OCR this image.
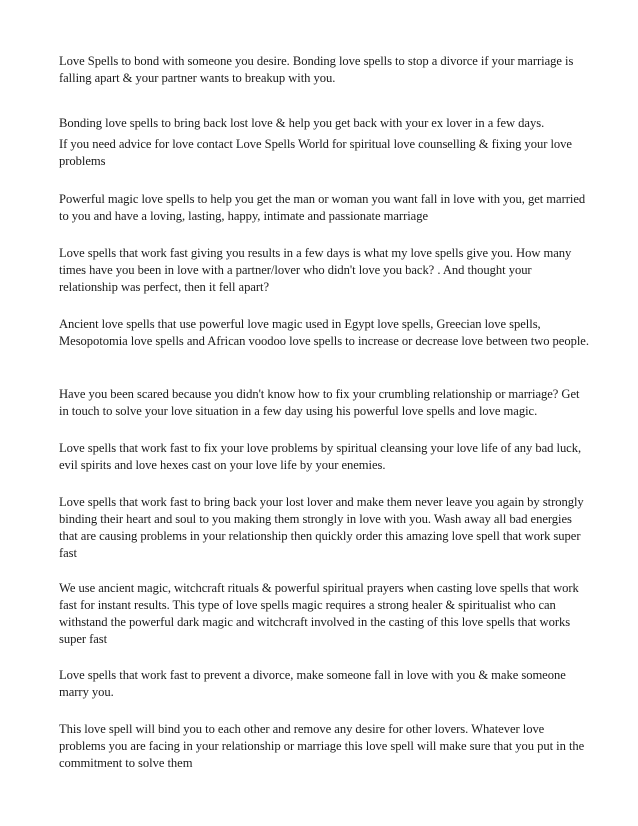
Love Spells to bond with someone you desire. Bonding love spells to stop a divorce if your marriage is falling apart & your partner wants to breakup with you.

Bonding love spells to bring back lost love & help you get back with your ex lover in a few days.

If you need advice for love contact Love Spells World for spiritual love counselling & fixing your love problems

Powerful magic love spells to help you get the man or woman you want fall in love with you, get married to you and have a loving, lasting, happy, intimate and passionate marriage

Love spells that work fast giving you results in a few days is what my love spells give you. How many times have you been in love with a partner/lover who didn't love you back? . And thought your relationship was perfect, then it fell apart?

Ancient love spells that use powerful love magic used in Egypt love spells, Greecian love spells, Mesopotomia love spells and African voodoo love spells to increase or decrease love between two people.

Have you been scared because you didn't know how to fix your crumbling relationship or marriage? Get in touch to solve your love situation in a few day using his powerful love spells and love magic.

Love spells that work fast to fix your love problems by spiritual cleansing your love life of any bad luck, evil spirits and love hexes cast on your love life by your enemies.

Love spells that work fast to bring back your lost lover and make them never leave you again by strongly binding their heart and soul to you making them strongly in love with you. Wash away all bad energies that are causing problems in your relationship then quickly order this amazing love spell that work super fast

We use ancient magic, witchcraft rituals & powerful spiritual prayers when casting love spells that work fast for instant results. This type of love spells magic requires a strong healer & spiritualist who can withstand the powerful dark magic and witchcraft involved in the casting of this love spells that works super fast

Love spells that work fast to prevent a divorce, make someone fall in love with you & make someone marry you.

This love spell will bind you to each other and remove any desire for other lovers. Whatever love problems you are facing in your relationship or marriage this love spell will make sure that you put in the commitment to solve them
